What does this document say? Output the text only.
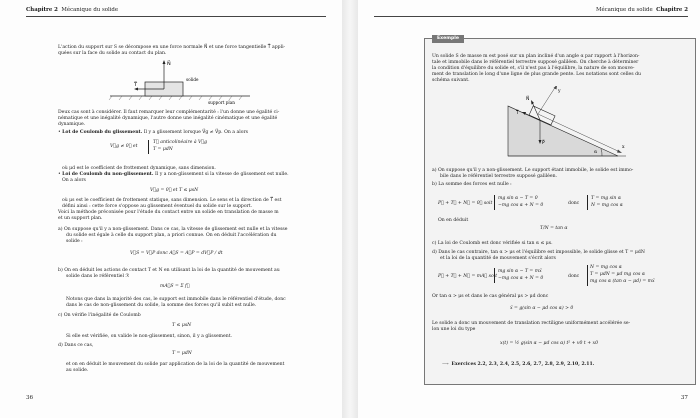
Chapitre 2 Mécanique du solide
L'action du support sur S se décompose en une force normale N⃗ et une force tangentielle T⃗ appli-
quées sur la face du solide au contact du plan.
N⃗
T⃗
solide
support plan
Deux cas sont à considérer. Il faut remarquer leur complémentarité : l'un donne une égalité ci-
nématique et une inégalité dynamique, l'autre donne une inégalité cinématique et une égalité
dynamique.
• Lot de Coulomb du glissement. Il y a glissement lorsque V⃗g ≠ V⃗p. On a alors
V⃗g ≠ 0⃗ et
T⃗ anticolinéaire à V⃗g
T = μdN
où μd est le coefficient de frottement dynamique, sans dimension.
• Loi de Coulomb du non-glissement. Il y a non-glissement si la vitesse de glissement est nulle.
On a alors
V⃗g = 0⃗ et T ≤ μsN
où μs est le coefficient de frottement statique, sans dimension. Le sens et la direction de T⃗ est
défini ainsi : cette force s'oppose au glissement éventuel du solide sur le support.
Voici la méthode préconisée pour l'étude du contact entre un solide en translation de masse m
et un support plan.
a) On suppose qu'il y a non-glissement. Dans ce cas, la vitesse de glissement est nulle et la vitesse
du solide est égale à celle du support plan, a priori connue. On en déduit l'accélération du
solide :
V⃗S = V⃗P donc A⃗S = A⃗P = dV⃗P / dt
b) On en déduit les actions de contact T et N en utilisant la loi de la quantité de mouvement au
solide dans le référentiel ℛ
mA⃗S = Σ f⃗
Notons que dans la majorité des cas, le support est immobile dans le référentiel d'étude, donc
dans le cas de non-glissement du solide, la somme des forces qu'il subit est nulle.
c) On vérifie l'inégalité de Coulomb
T ≤ μsN
Si elle est vérifiée, on valide le non-glissement, sinon, il y a glissement.
d) Dans ce cas,
T = μdN
et on en déduit le mouvement du solide par application de la loi de la quantité de mouvement
au solide.
36
Mécanique du solide Chapitre 2
Exemple
Un solide S de masse m est posé sur un plan incliné d'un angle α par rapport à l'horizon-
tale et immobile dans le référentiel terrestre supposé galiléen. On cherche à déterminer
la condition d'équilibre du solide et, s'il n'est pas à l'équilibre, la nature de son mouve-
ment de translation le long d'une ligne de plus grande pente. Les notations sont celles du
schéma suivant.
y
x
α
N⃗
T⃗
P⃗
a) On suppose qu'il y a non-glissement. Le support étant immobile, le solide est immo-
bile dans le référentiel terrestre supposé galiléen.
b) La somme des forces est nulle :
P⃗ + T⃗ + N⃗ = 0⃗ soit
mg sin α − T = 0
−mg cos α + N = 0	donc
T = mg sin α
N = mg cos α
On en déduit
T/N = tan α
c) La loi de Coulomb est donc vérifiée si tan α ≤ μs.
d) Dans le cas contraire, tan α > μs et l'équilibre est impossible, le solide glisse et T = μdN
et la loi de la quantité de mouvement s'écrit alors
P⃗ + T⃗ + N⃗ = mA⃗ soit
mg sin α − T = mẍ
−mg cos α + N = 0	donc
N = mg cos α
T = μdN = μd mg cos α
mg cos α (tan α − μd) = mẍ
Or tan α > μs et dans le cas général μs > μd donc
ẍ = g(sin α − μd cos α) > 0
Le solide a donc un mouvement de translation rectiligne uniformément accélérée se-
lon une loi du type
x(t) = ½ g(sin α − μd cos α) t² + v0 t + x0
⟶ Exercices 2.2, 2.3, 2.4, 2.5, 2.6, 2.7, 2.8, 2.9, 2.10, 2.11.
37
